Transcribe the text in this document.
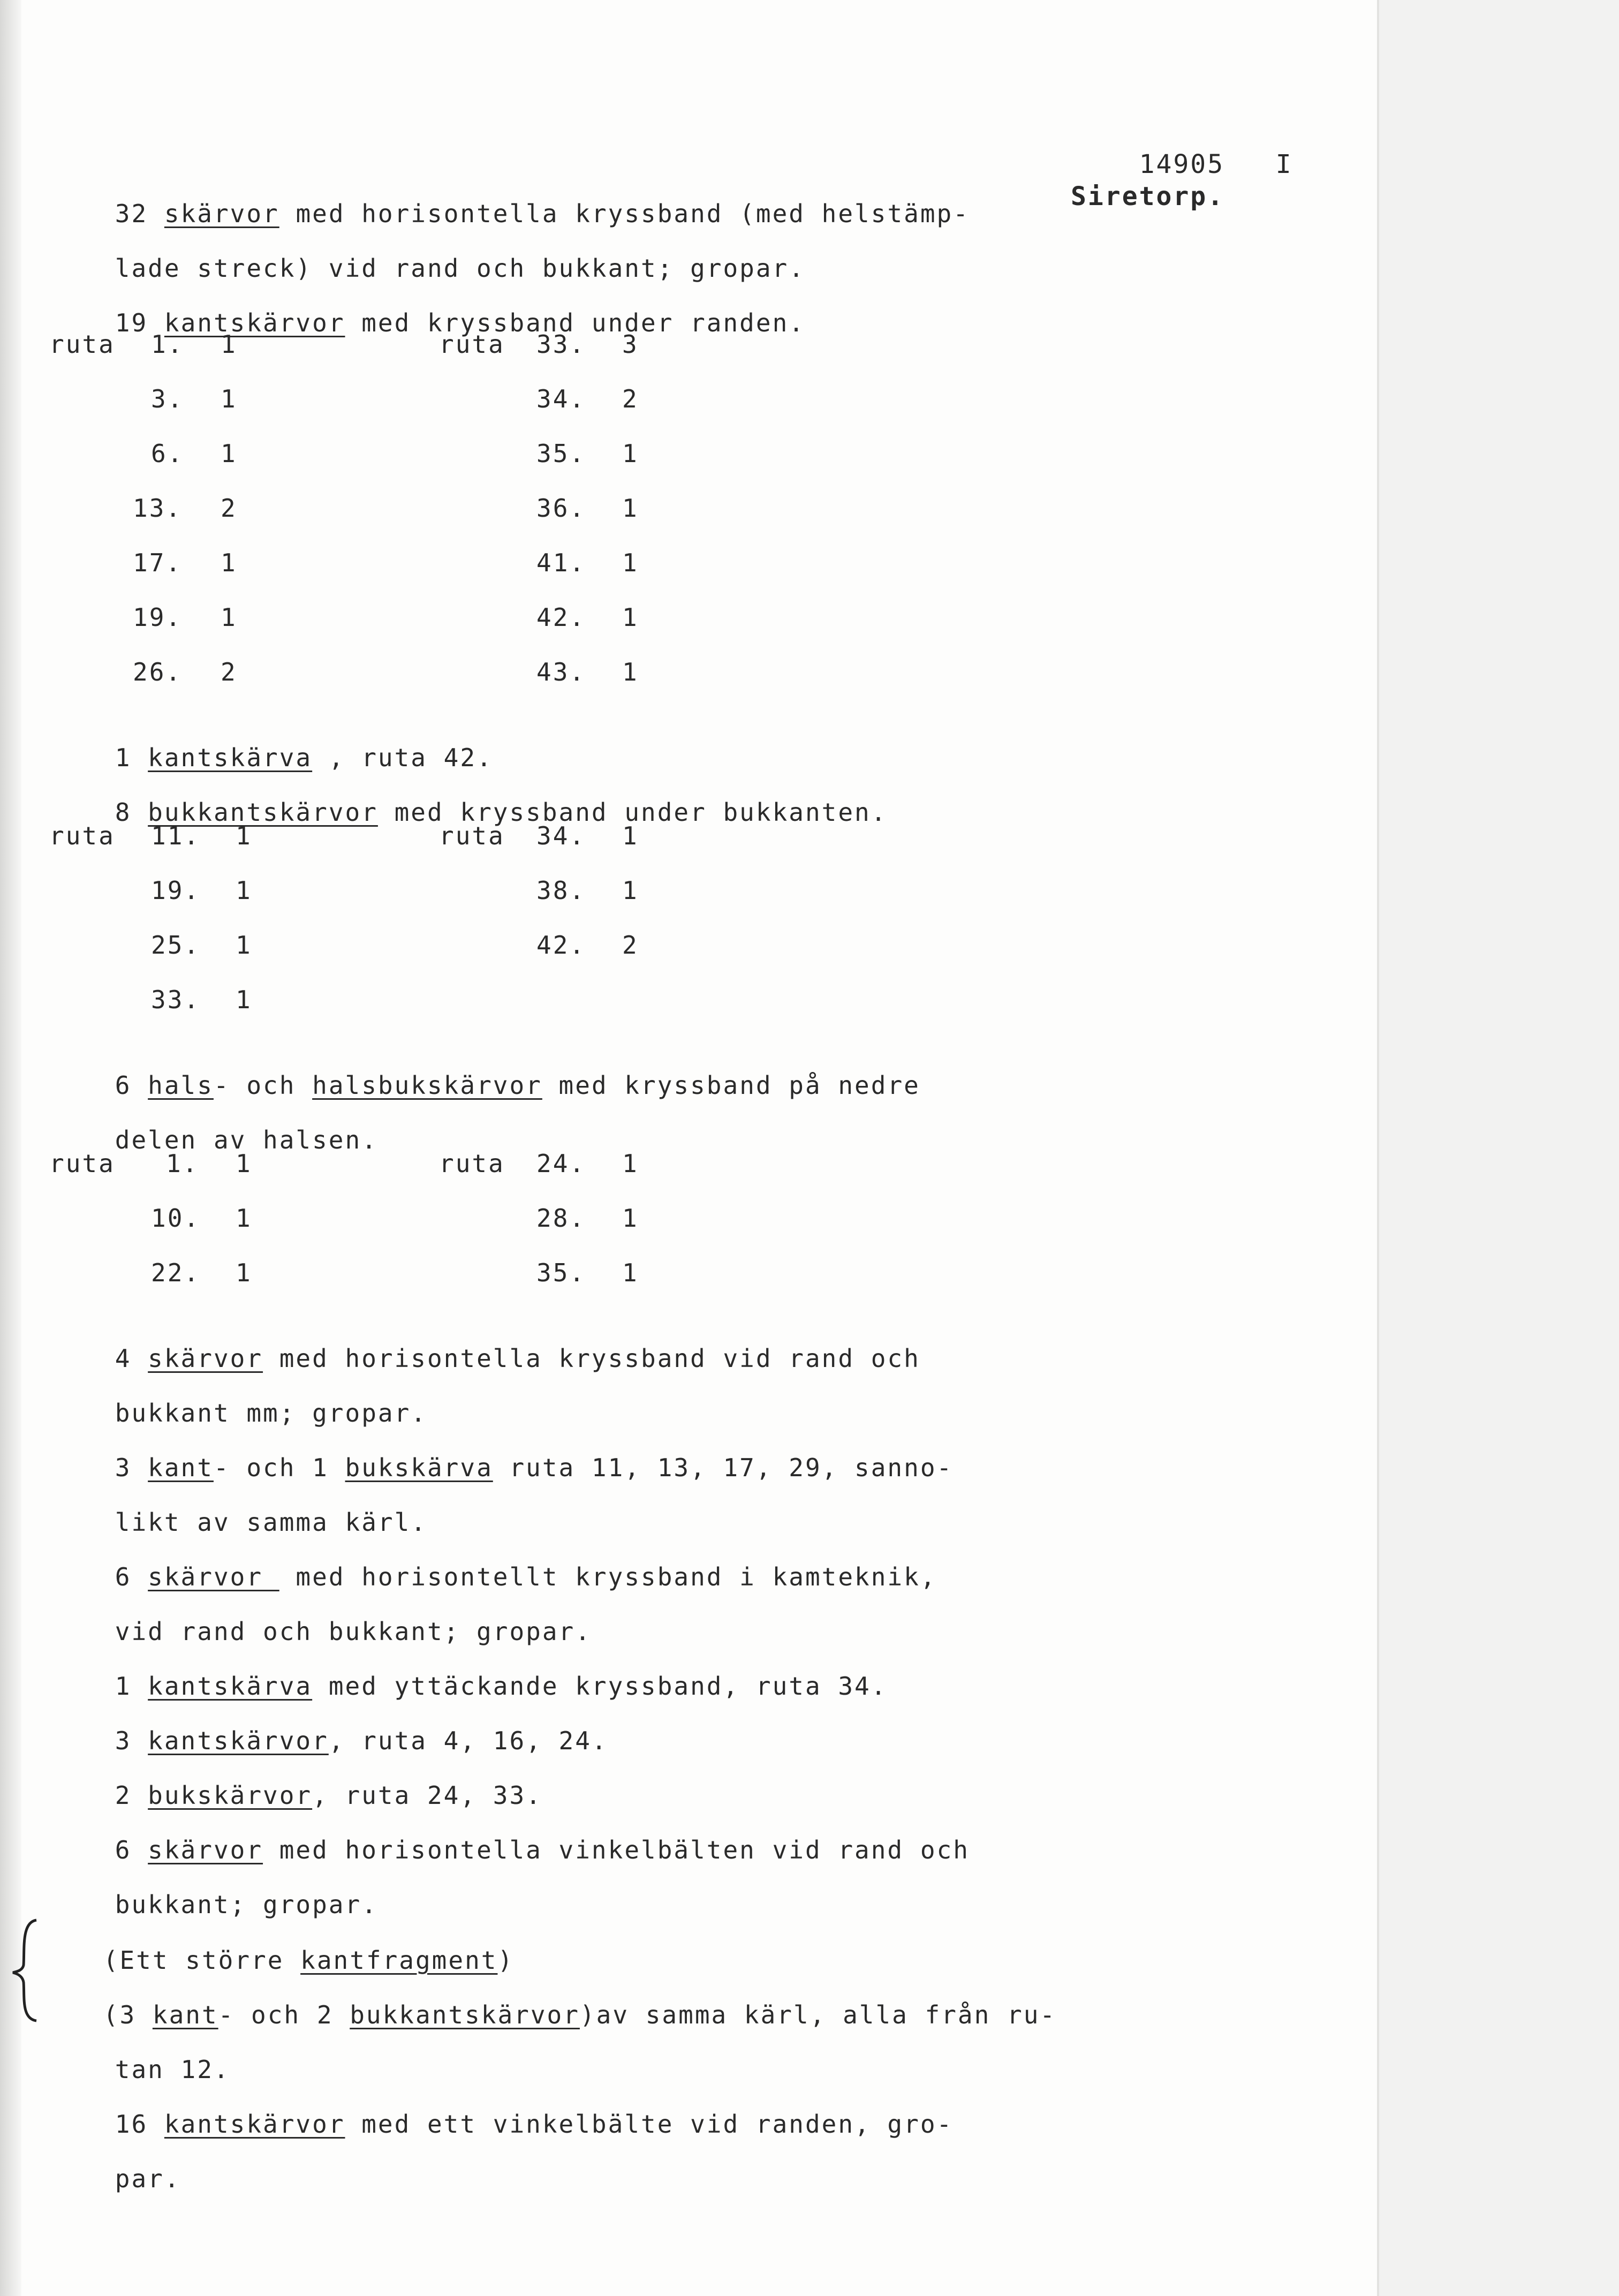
14905 I

Siretorp.

32 skärvor med horisontella kryssband (med helstämp-

lade streck) vid rand och bukkant; gropar.

19 kantskärvor med kryssband under randen.

ruta 1. 1
3. 1
6. 1
13. 2
17. 1
19. 1
26. 2
ruta 33. 3
34. 2
35. 1
36. 1
41. 1
42. 1
43. 1

1 kantskärva , ruta 42.

8 bukkantskärvor med kryssband under bukkanten.

ruta 11. 1
19. 1
25. 1
33. 1
ruta 34. 1
38. 1
42. 2

6 hals- och halsbukskärvor med kryssband på nedre

delen av halsen.

ruta 1. 1
10. 1
22. 1
ruta 24. 1
28. 1
35. 1

4 skärvor med horisontella kryssband vid rand och

bukkant mm; gropar.

3 kant- och 1 bukskärva ruta 11, 13, 17, 29, sanno-

likt av samma kärl.

6 skärvor  med horisontellt kryssband i kamteknik,

vid rand och bukkant; gropar.

1 kantskärva med yttäckande kryssband, ruta 34.

3 kantskärvor, ruta 4, 16, 24.

2 bukskärvor, ruta 24, 33.

6 skärvor med horisontella vinkelbälten vid rand och

bukkant; gropar.

(Ett större kantfragment)

(3 kant- och 2 bukkantskärvor)av samma kärl, alla från ru-

tan 12.

16 kantskärvor med ett vinkelbälte vid randen, gro-

par.
